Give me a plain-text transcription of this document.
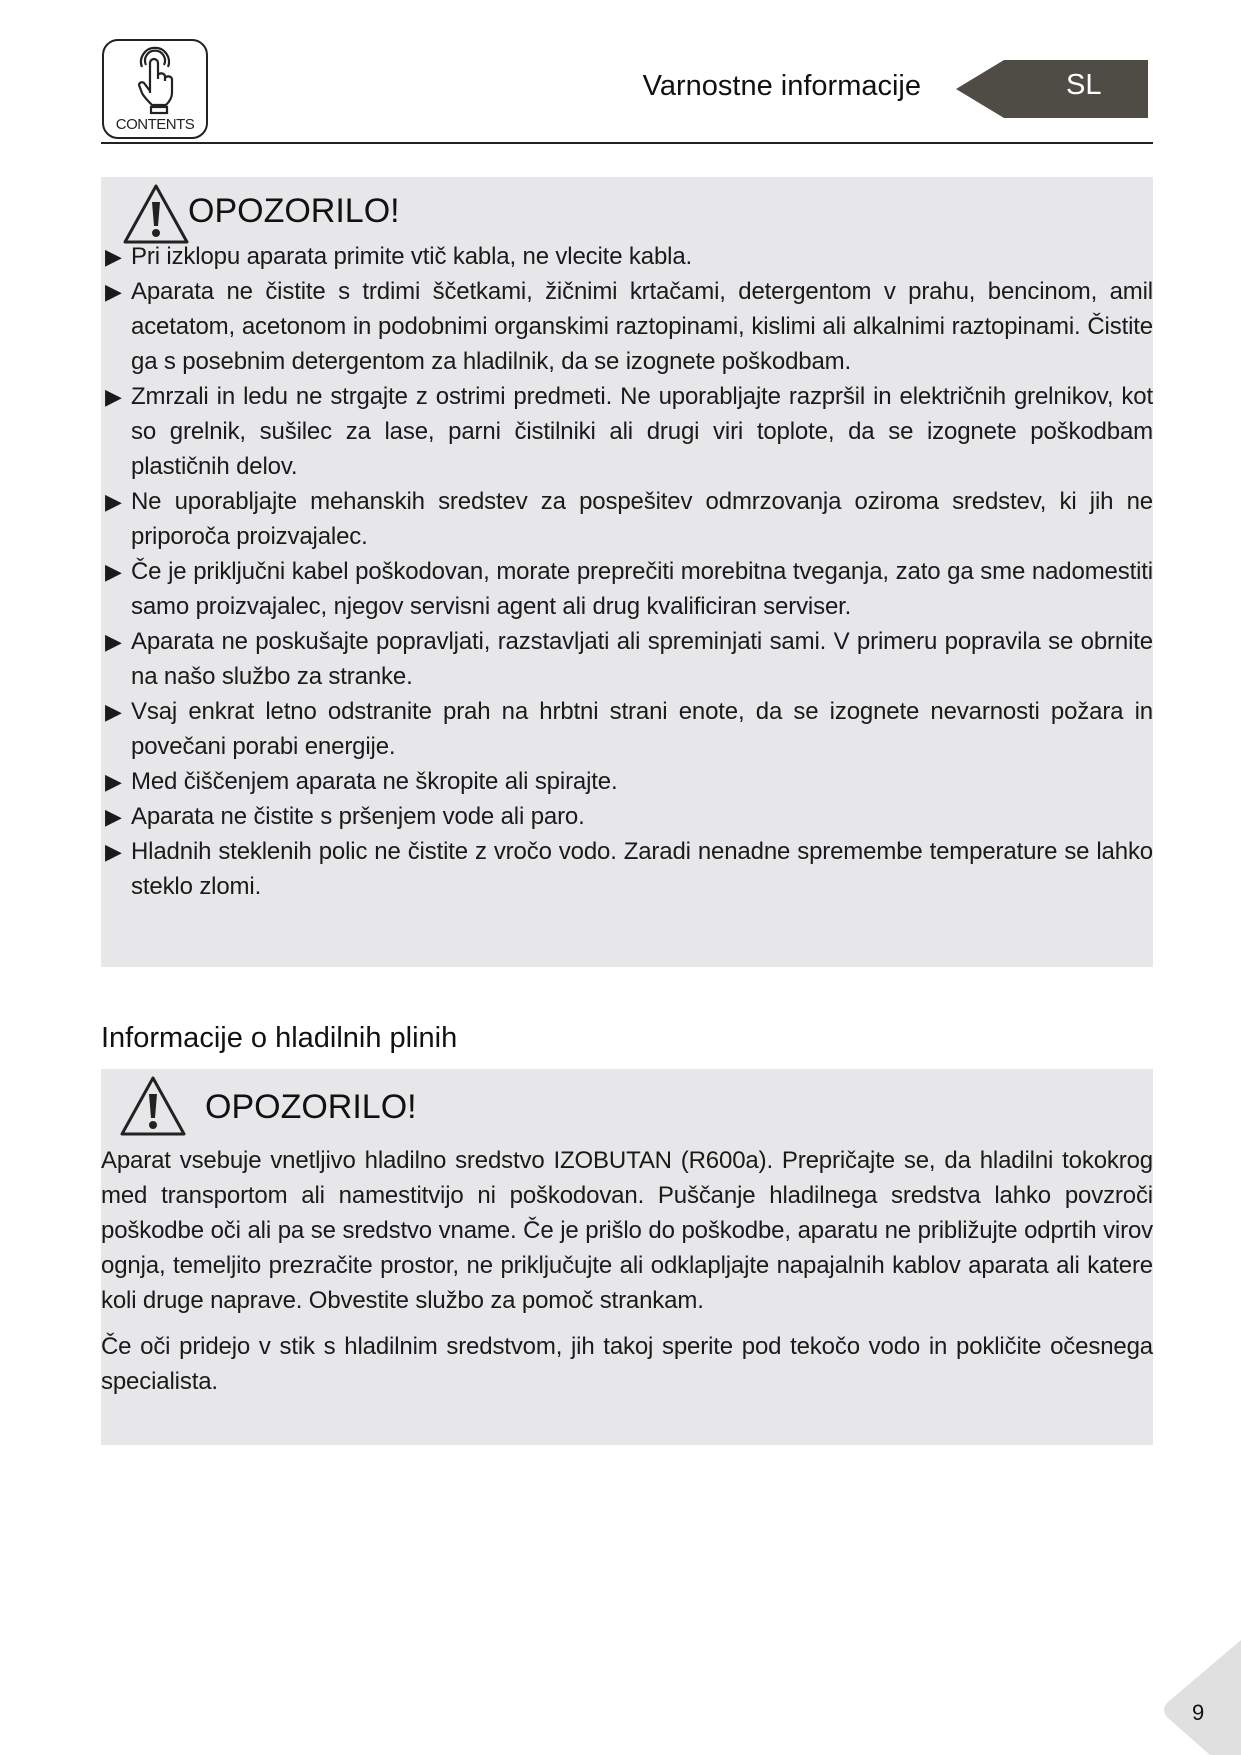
CONTENTS
Varnostne informacije	SL
OPOZORILO!
▶ Pri izklopu aparata primite vtič kabla, ne vlecite kabla.
▶ Aparata ne čistite s trdimi ščetkami, žičnimi krtačami, detergentom v prahu, bencinom, amil acetatom, acetonom in podobnimi organskimi raztopinami, kislimi ali alkalnimi raztopinami. Čistite ga s posebnim detergentom za hladilnik, da se izognete poškodbam.
▶ Zmrzali in ledu ne strgajte z ostrimi predmeti. Ne uporabljajte razpršil in električnih grelnikov, kot so grelnik, sušilec za lase, parni čistilniki ali drugi viri toplote, da se izognete poškodbam plastičnih delov.
▶ Ne uporabljajte mehanskih sredstev za pospešitev odmrzovanja oziroma sredstev, ki jih ne priporoča proizvajalec.
▶ Če je priključni kabel poškodovan, morate preprečiti morebitna tveganja, zato ga sme nadomestiti samo proizvajalec, njegov servisni agent ali drug kvalificiran serviser.
▶ Aparata ne poskušajte popravljati, razstavljati ali spreminjati sami. V primeru popravila se obrnite na našo službo za stranke.
▶ Vsaj enkrat letno odstranite prah na hrbtni strani enote, da se izognete nevarnosti požara in povečani porabi energije.
▶ Med čiščenjem aparata ne škropite ali spirajte.
▶ Aparata ne čistite s pršenjem vode ali paro.
▶ Hladnih steklenih polic ne čistite z vročo vodo. Zaradi nenadne spremembe temperature se lahko steklo zlomi.
Informacije o hladilnih plinih
OPOZORILO!

Aparat vsebuje vnetljivo hladilno sredstvo IZOBUTAN (R600a). Prepričajte se, da hladilni tokokrog med transportom ali namestitvijo ni poškodovan. Puščanje hladilnega sredstva lahko povzroči poškodbe oči ali pa se sredstvo vname. Če je prišlo do poškodbe, aparatu ne približujte odprtih virov ognja, temeljito prezračite prostor, ne priključujte ali odklapljajte napajalnih kablov aparata ali katere koli druge naprave. Obvestite službo za pomoč strankam.

Če oči pridejo v stik s hladilnim sredstvom, jih takoj sperite pod tekočo vodo in pokličite očesnega specialista.

9
